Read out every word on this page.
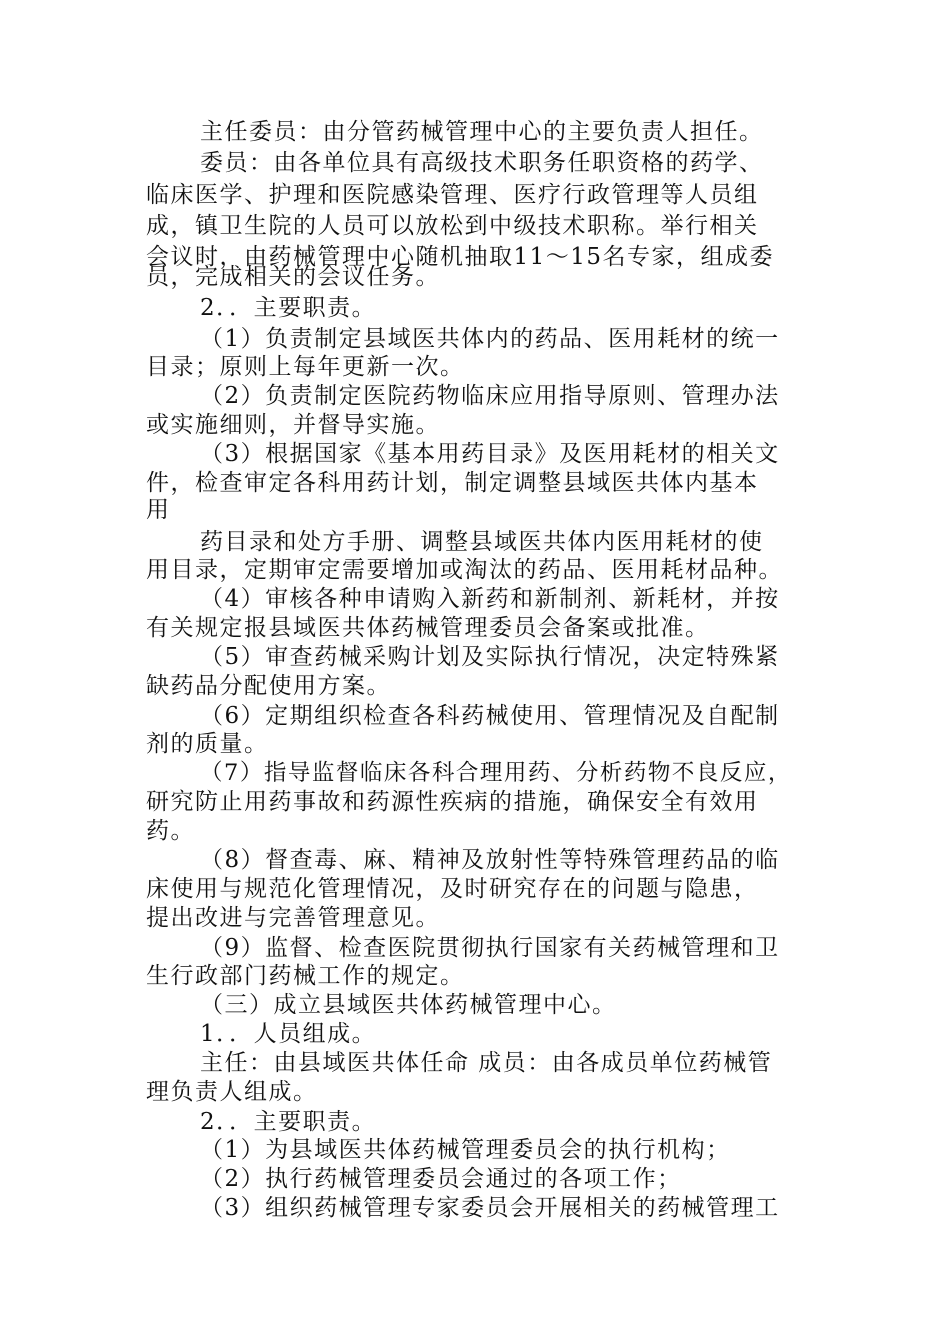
主任委员：由分管药械管理中心的主要负责人担任。
委员：由各单位具有高级技术职务任职资格的药学、
临床医学、护理和医院感染管理、医疗行政管理等人员组
成，镇卫生院的人员可以放松到中级技术职称。举行相关
会议时，由药械管理中心随机抽取11～15名专家，组成委
员，完成相关的会议任务。
2．．主要职责。
（1）负责制定县域医共体内的药品、医用耗材的统一
目录；原则上每年更新一次。
（2）负责制定医院药物临床应用指导原则、管理办法
或实施细则，并督导实施。
（3）根据国家《基本用药目录》及医用耗材的相关文
件，检查审定各科用药计划，制定调整县域医共体内基本
用
药目录和处方手册、调整县域医共体内医用耗材的使
用目录，定期审定需要增加或淘汰的药品、医用耗材品种。
（4）审核各种申请购入新药和新制剂、新耗材，并按
有关规定报县域医共体药械管理委员会备案或批准。
（5）审查药械采购计划及实际执行情况，决定特殊紧
缺药品分配使用方案。
（6）定期组织检查各科药械使用、管理情况及自配制
剂的质量。
（7）指导监督临床各科合理用药、分析药物不良反应，
研究防止用药事故和药源性疾病的措施，确保安全有效用
药。
（8）督查毒、麻、精神及放射性等特殊管理药品的临
床使用与规范化管理情况，及时研究存在的问题与隐患，
提出改进与完善管理意见。
（9）监督、检查医院贯彻执行国家有关药械管理和卫
生行政部门药械工作的规定。
（三）成立县域医共体药械管理中心。
1．．人员组成。
主任：由县域医共体任命 成员：由各成员单位药械管
理负责人组成。
2．．主要职责。
（1）为县域医共体药械管理委员会的执行机构；
（2）执行药械管理委员会通过的各项工作；
（3）组织药械管理专家委员会开展相关的药械管理工
